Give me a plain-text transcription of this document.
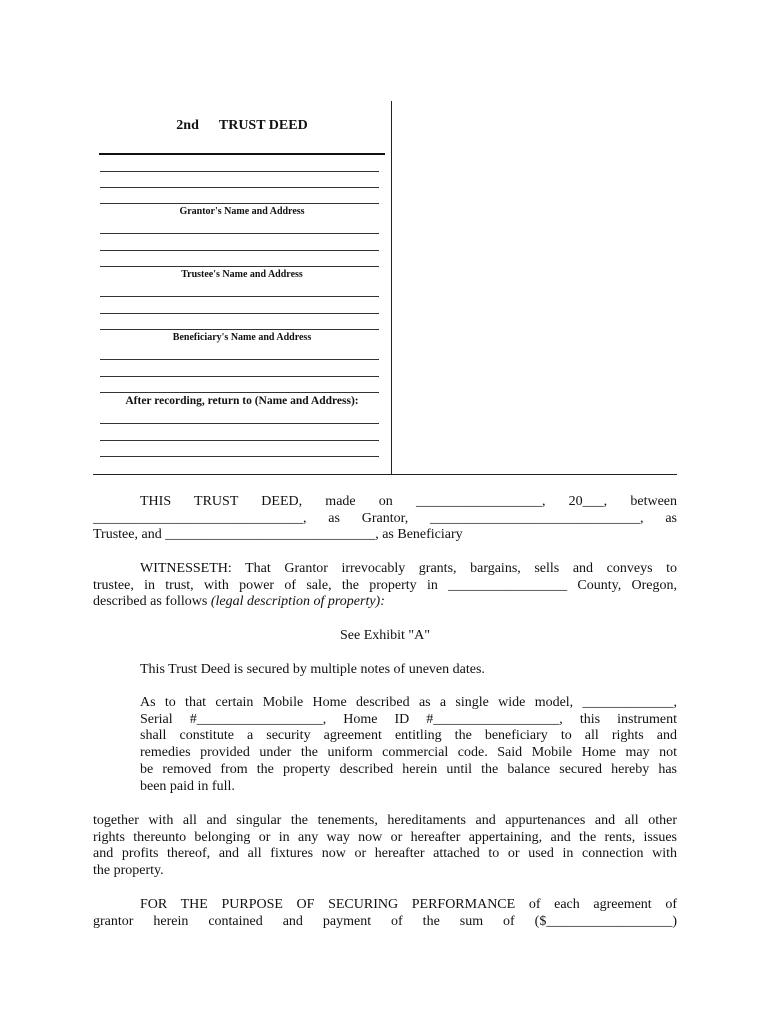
2nd TRUST DEED
Grantor's Name and Address
Trustee's Name and Address
Beneficiary's Name and Address
After recording, return to (Name and Address):
THIS TRUST DEED, made on __________________, 20___, between
______________________________, as Grantor, ______________________________, as
Trustee, and ______________________________, as Beneficiary
WITNESSETH: That Grantor irrevocably grants, bargains, sells and conveys to
trustee, in trust, with power of sale, the property in _________________ County, Oregon,
described as follows (legal description of property):
See Exhibit "A"
This Trust Deed is secured by multiple notes of uneven dates.
As to that certain Mobile Home described as a single wide model, _____________,
Serial #__________________, Home ID #__________________, this instrument
shall constitute a security agreement entitling the beneficiary to all rights and
remedies provided under the uniform commercial code. Said Mobile Home may not
be removed from the property described herein until the balance secured hereby has
been paid in full.
together with all and singular the tenements, hereditaments and appurtenances and all other
rights thereunto belonging or in any way now or hereafter appertaining, and the rents, issues
and profits thereof, and all fixtures now or hereafter attached to or used in connection with
the property.
FOR THE PURPOSE OF SECURING PERFORMANCE of each agreement of
grantor herein contained and payment of the sum of ($__________________)
